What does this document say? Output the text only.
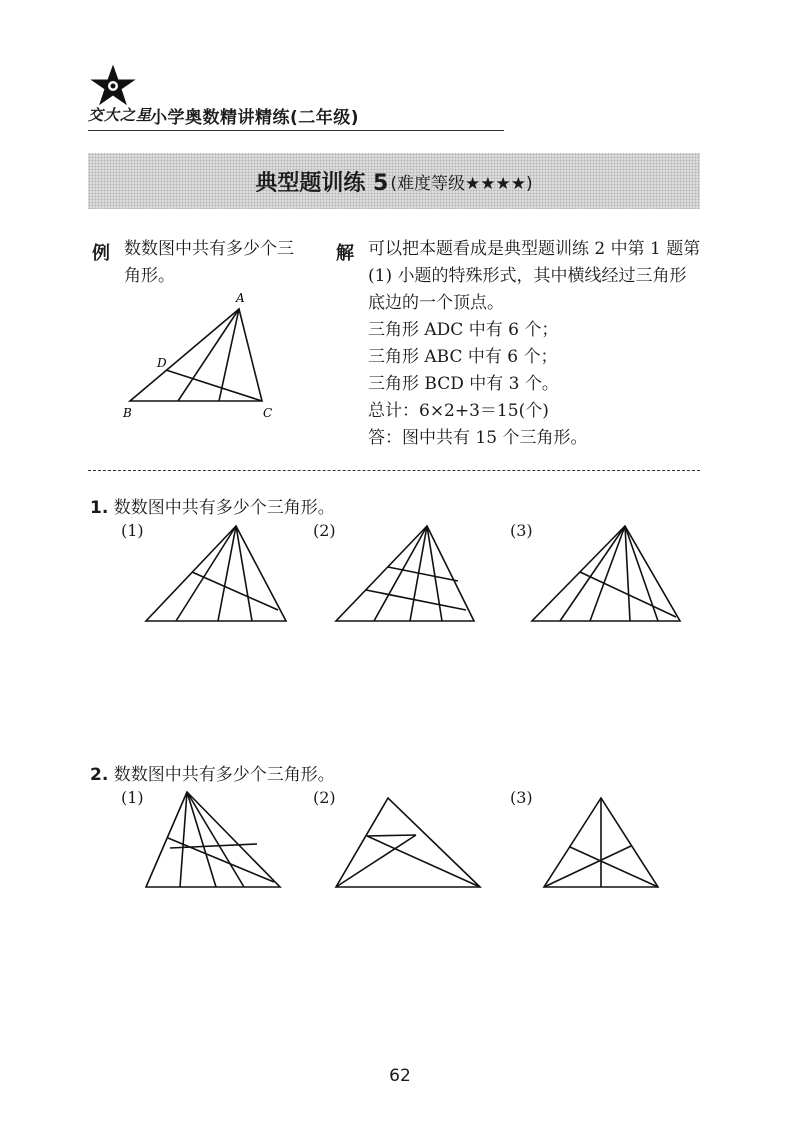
交大之星
小学奥数精讲精练(二年级)
典型题训练 5 (难度等级★★★★)
例 数数图中共有多少个三
角形。
A
D
B	C
解 可以把本题看成是典型题训练 2 中第 1 题第
(1) 小题的特殊形式，其中横线经过三角形
底边的一个顶点。
三角形 ADC 中有 6 个；
三角形 ABC 中有 6 个；
三角形 BCD 中有 3 个。
总计：6×2+3＝15(个)
答：图中共有 15 个三角形。
1. 数数图中共有多少个三角形。
(1)	(2)	(3)
2. 数数图中共有多少个三角形。
(1)	(2)	(3)
62
